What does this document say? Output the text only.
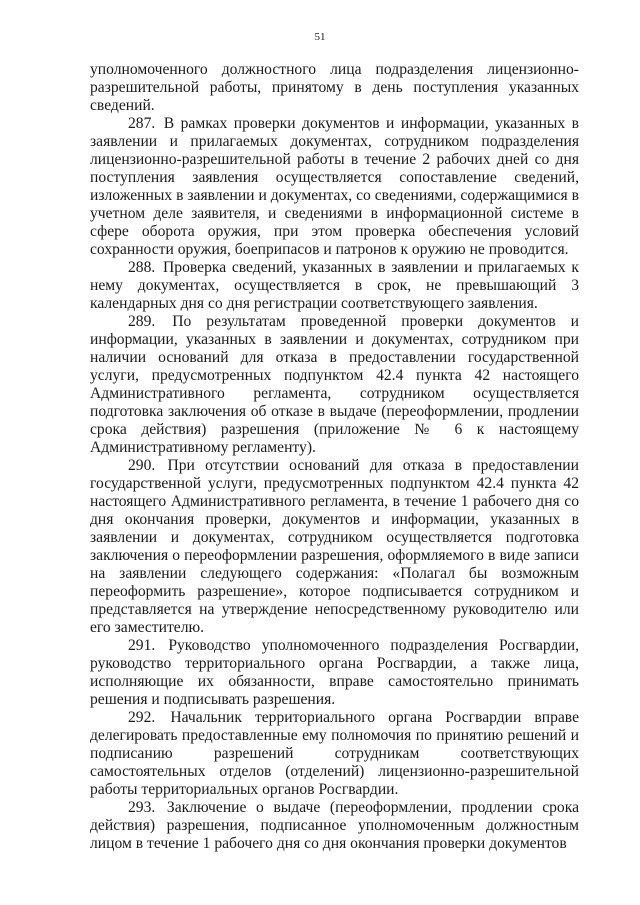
51

уполномоченного должностного лица подразделения лицензионно-разрешительной работы, принятому в день поступления указанных сведений.

287. В рамках проверки документов и информации, указанных в заявлении и прилагаемых документах, сотрудником подразделения лицензионно-разрешительной работы в течение 2 рабочих дней со дня поступления заявления осуществляется сопоставление сведений, изложенных в заявлении и документах, со сведениями, содержащимися в учетном деле заявителя, и сведениями в информационной системе в сфере оборота оружия, при этом проверка обеспечения условий сохранности оружия, боеприпасов и патронов к оружию не проводится.

288. Проверка сведений, указанных в заявлении и прилагаемых к нему документах, осуществляется в срок, не превышающий 3 календарных дня со дня регистрации соответствующего заявления.

289. По результатам проведенной проверки документов и информации, указанных в заявлении и документах, сотрудником при наличии оснований для отказа в предоставлении государственной услуги, предусмотренных подпунктом 42.4 пункта 42 настоящего Административного регламента, сотрудником осуществляется подготовка заключения об отказе в выдаче (переоформлении, продлении срока действия) разрешения (приложение № 6 к настоящему Административному регламенту).

290. При отсутствии оснований для отказа в предоставлении государственной услуги, предусмотренных подпунктом 42.4 пункта 42 настоящего Административного регламента, в течение 1 рабочего дня со дня окончания проверки, документов и информации, указанных в заявлении и документах, сотрудником осуществляется подготовка заключения о переоформлении разрешения, оформляемого в виде записи на заявлении следующего содержания: «Полагал бы возможным переоформить разрешение», которое подписывается сотрудником и представляется на утверждение непосредственному руководителю или его заместителю.

291. Руководство уполномоченного подразделения Росгвардии, руководство территориального органа Росгвардии, а также лица, исполняющие их обязанности, вправе самостоятельно принимать решения и подписывать разрешения.

292. Начальник территориального органа Росгвардии вправе делегировать предоставленные ему полномочия по принятию решений и подписанию разрешений сотрудникам соответствующих самостоятельных отделов (отделений) лицензионно-разрешительной работы территориальных органов Росгвардии.

293. Заключение о выдаче (переоформлении, продлении срока действия) разрешения, подписанное уполномоченным должностным лицом в течение 1 рабочего дня со дня окончания проверки документов
